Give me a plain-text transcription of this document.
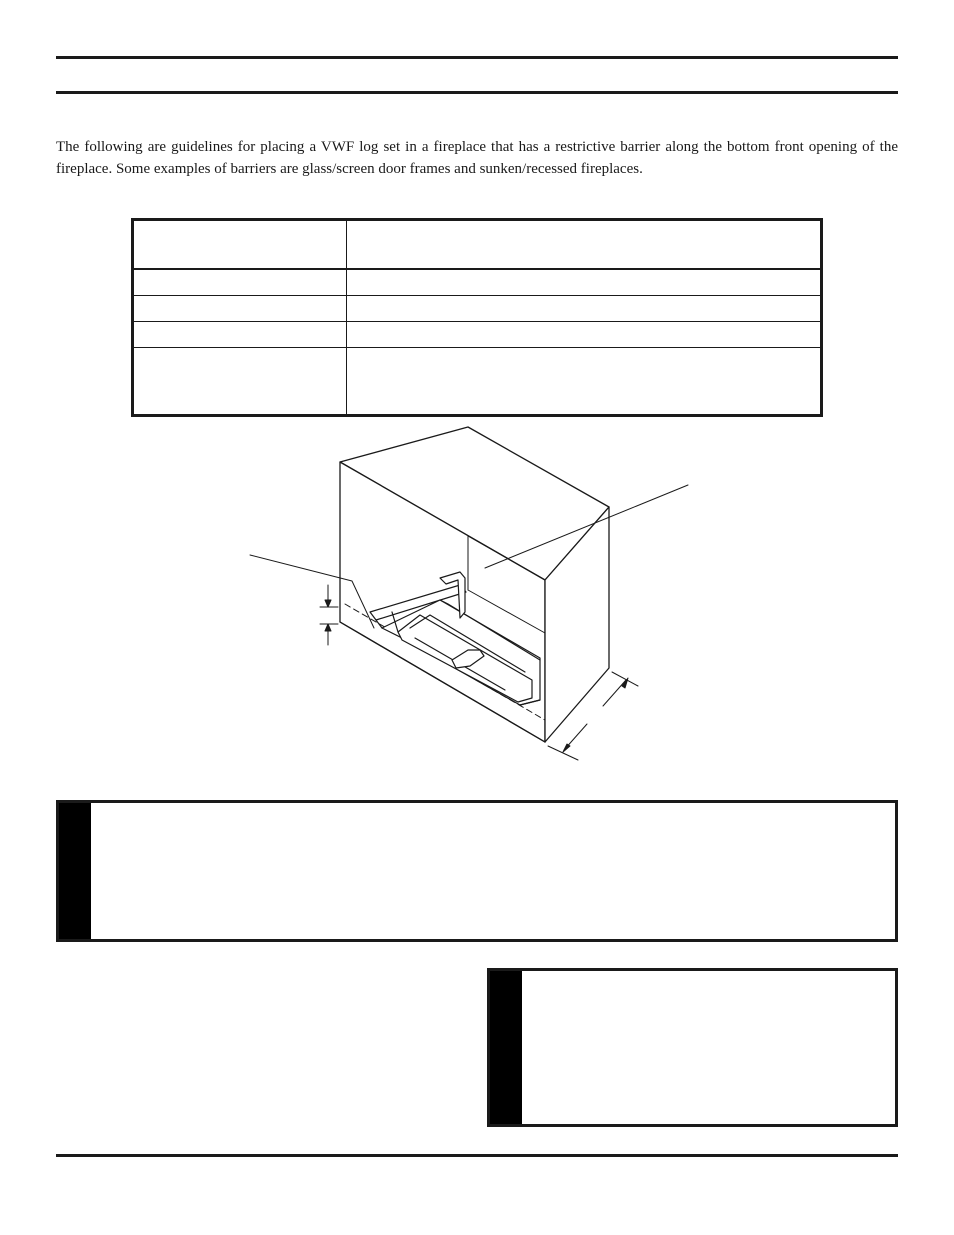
The following are guidelines for placing a VWF log set in a fireplace that has a restrictive barrier along the bottom front opening of the fireplace. Some examples of barriers are glass/screen door frames and sunken/recessed fireplaces.
